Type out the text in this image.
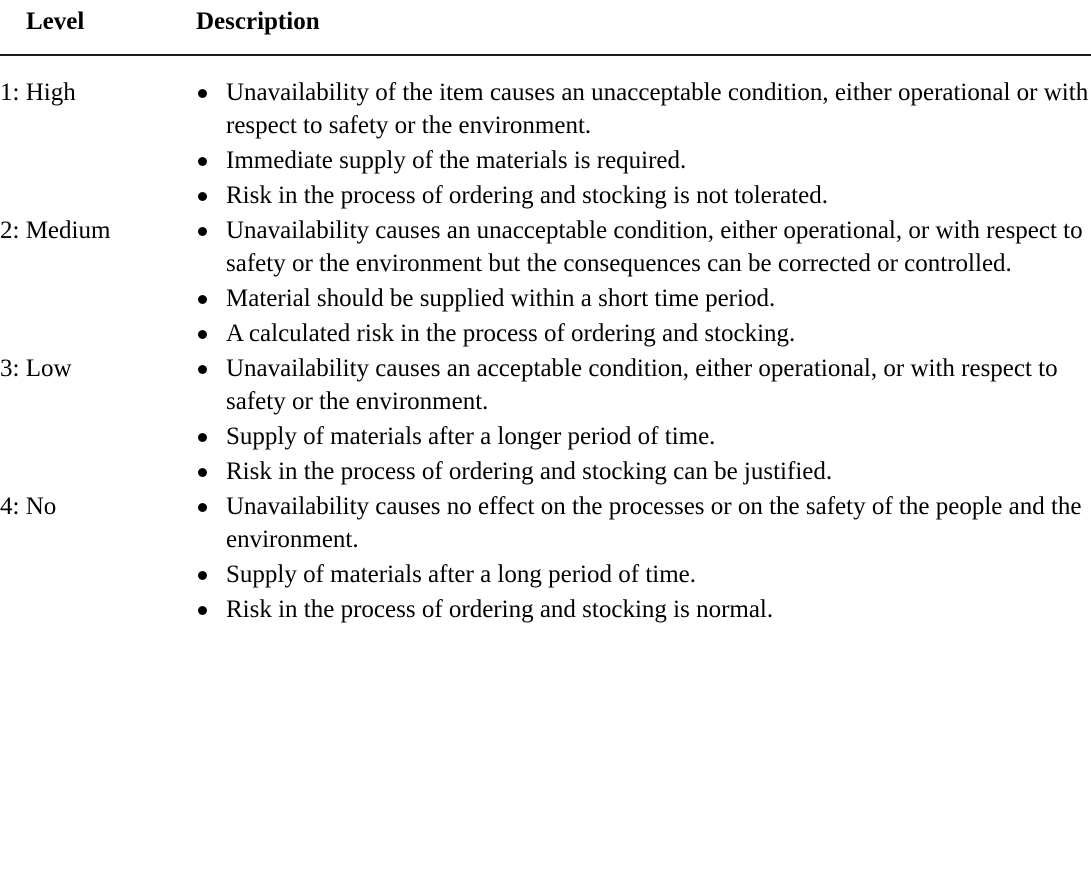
Level	Description

1: High	Unavailability of the item causes an unacceptable condition, either operational or with respect to safety or the environment.
Immediate supply of the materials is required.
Risk in the process of ordering and stocking is not tolerated.

2: Medium	Unavailability causes an unacceptable condition, either operational, or with respect to safety or the environment but the consequences can be corrected or controlled.
Material should be supplied within a short time period.
A calculated risk in the process of ordering and stocking.

3: Low	Unavailability causes an acceptable condition, either operational, or with respect to safety or the environment.
Supply of materials after a longer period of time.
Risk in the process of ordering and stocking can be justified.

4: No	Unavailability causes no effect on the processes or on the safety of the people and the environment.
Supply of materials after a long period of time.
Risk in the process of ordering and stocking is normal.
